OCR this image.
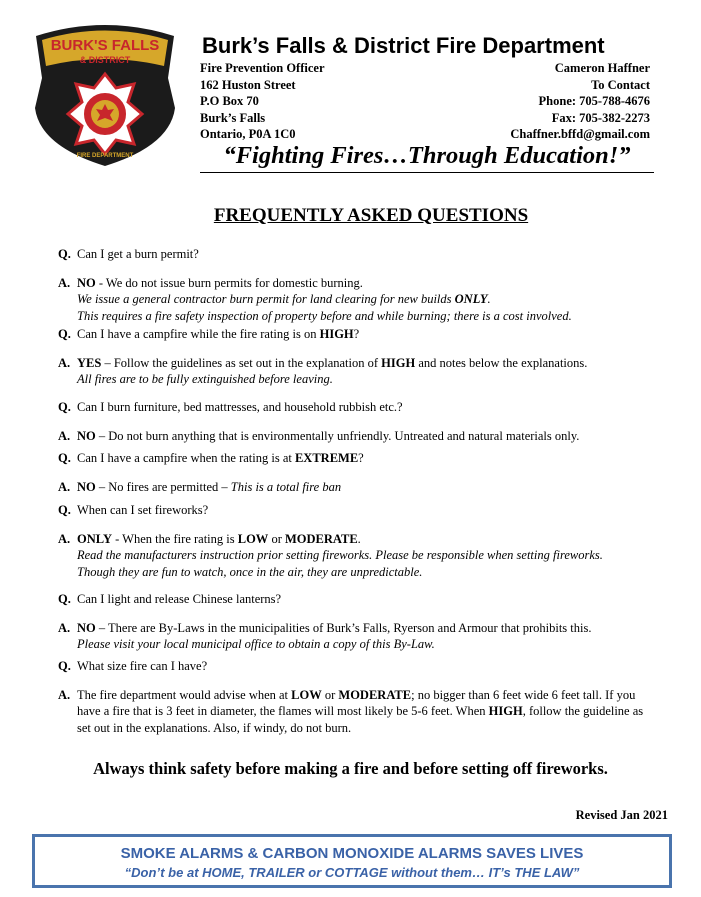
BURK'S FALLS
& DISTRICT
FIRE DEPARTMENT
Burk’s Falls & District Fire Department
Fire Prevention Officer
162 Huston Street
P.O Box 70
Burk’s Falls
Ontario, P0A 1C0
Cameron Haffner
To Contact
Phone: 705-788-4676
Fax: 705-382-2273
Chaffner.bffd@gmail.com
“Fighting Fires…Through Education!”
FREQUENTLY ASKED QUESTIONS
Q. Can I get a burn permit?
A. NO - We do not issue burn permits for domestic burning.
We issue a general contractor burn permit for land clearing for new builds ONLY.
This requires a fire safety inspection of property before and while burning; there is a cost involved.
Q. Can I have a campfire while the fire rating is on HIGH?
A. YES – Follow the guidelines as set out in the explanation of HIGH and notes below the explanations.
All fires are to be fully extinguished before leaving.
Q. Can I burn furniture, bed mattresses, and household rubbish etc.?
A. NO – Do not burn anything that is environmentally unfriendly. Untreated and natural materials only.
Q. Can I have a campfire when the rating is at EXTREME?
A. NO – No fires are permitted – This is a total fire ban
Q. When can I set fireworks?
A. ONLY - When the fire rating is LOW or MODERATE.
Read the manufacturers instruction prior setting fireworks. Please be responsible when setting fireworks. Though they are fun to watch, once in the air, they are unpredictable.
Q. Can I light and release Chinese lanterns?
A. NO – There are By-Laws in the municipalities of Burk’s Falls, Ryerson and Armour that prohibits this.
Please visit your local municipal office to obtain a copy of this By-Law.
Q. What size fire can I have?
A. The fire department would advise when at LOW or MODERATE; no bigger than 6 feet wide 6 feet tall. If you have a fire that is 3 feet in diameter, the flames will most likely be 5-6 feet. When HIGH, follow the guideline as set out in the explanations. Also, if windy, do not burn.
Always think safety before making a fire and before setting off fireworks.
Revised Jan 2021
SMOKE ALARMS & CARBON MONOXIDE ALARMS SAVES LIVES
“Don’t be at HOME, TRAILER or COTTAGE without them… IT’s THE LAW”
